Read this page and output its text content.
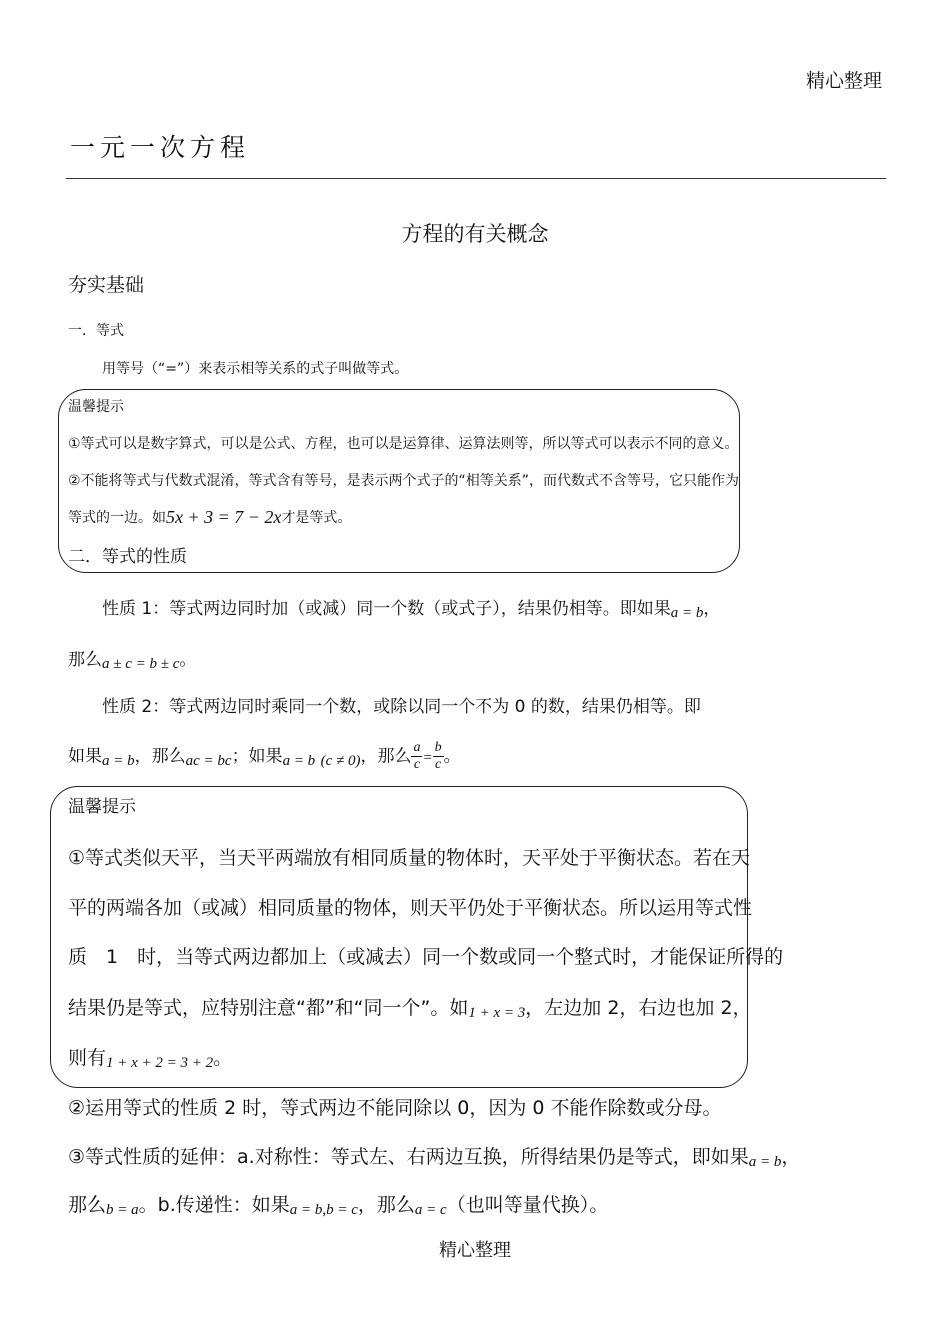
精心整理
一元一次方程
方程的有关概念
夯实基础
一．等式
用等号（“=”）来表示相等关系的式子叫做等式。
温馨提示
①等式可以是数字算式，可以是公式、方程，也可以是运算律、运算法则等，所以等式可以表示不同的意义。
②不能将等式与代数式混淆，等式含有等号，是表示两个式子的“相等关系”，而代数式不含等号，它只能作为
等式的一边。如5x + 3 = 7 − 2x才是等式。
二．等式的性质
性质 1：等式两边同时加（或减）同一个数（或式子），结果仍相等。即如果a = b，
那么a ± c = b ± c。
性质 2：等式两边同时乘同一个数，或除以同一个不为 0 的数，结果仍相等。即
如果a = b，那么ac = bc；如果a = b (c ≠ 0)，那么 $\frac{a}{c} = \frac{b}{c}$ 。
温馨提示
①等式类似天平，当天平两端放有相同质量的物体时，天平处于平衡状态。若在天
平的两端各加（或减）相同质量的物体，则天平仍处于平衡状态。所以运用等式性
质　1　时，当等式两边都加上（或减去）同一个数或同一个整式时，才能保证所得的
结果仍是等式，应特别注意“都”和“同一个”。如1 + x = 3，左边加 2，右边也加 2，
则有1 + x + 2 = 3 + 2。
②运用等式的性质 2 时，等式两边不能同除以 0，因为 0 不能作除数或分母。
③等式性质的延伸：a.对称性：等式左、右两边互换，所得结果仍是等式，即如果a = b，
那么b = a。b.传递性：如果a = b,b = c，那么a = c（也叫等量代换）。
精心整理
